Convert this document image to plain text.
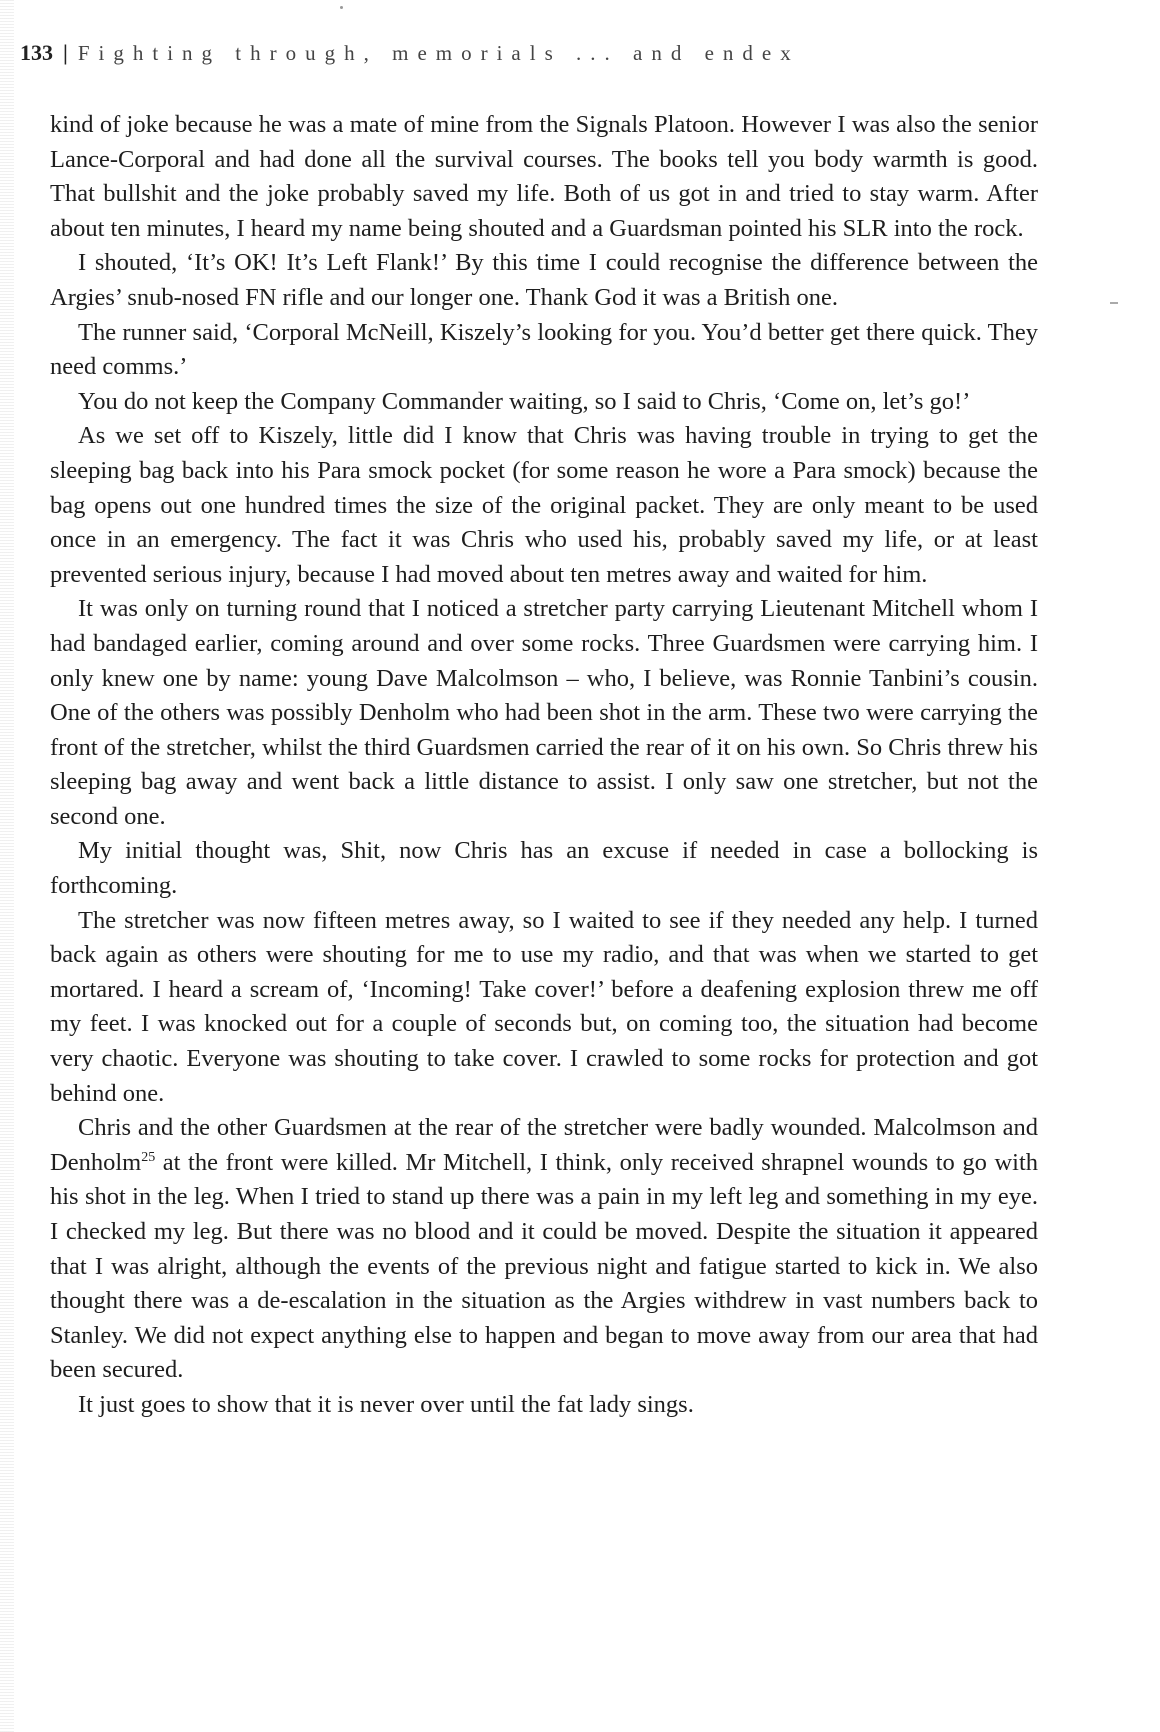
133 | Fighting through, memorials ... and endex

kind of joke because he was a mate of mine from the Signals Platoon. However I was also the senior Lance-Corporal and had done all the survival courses. The books tell you body warmth is good. That bullshit and the joke probably saved my life. Both of us got in and tried to stay warm. After about ten minutes, I heard my name being shouted and a Guardsman pointed his SLR into the rock.

I shouted, ‘It’s OK! It’s Left Flank!’ By this time I could recognise the difference between the Argies’ snub-nosed FN rifle and our longer one. Thank God it was a British one.

The runner said, ‘Corporal McNeill, Kiszely’s looking for you. You’d better get there quick. They need comms.’

You do not keep the Company Commander waiting, so I said to Chris, ‘Come on, let’s go!’

As we set off to Kiszely, little did I know that Chris was having trouble in trying to get the sleeping bag back into his Para smock pocket (for some reason he wore a Para smock) because the bag opens out one hundred times the size of the original packet. They are only meant to be used once in an emergency. The fact it was Chris who used his, probably saved my life, or at least prevented serious injury, because I had moved about ten metres away and waited for him.

It was only on turning round that I noticed a stretcher party carrying Lieutenant Mitchell whom I had bandaged earlier, coming around and over some rocks. Three Guardsmen were carrying him. I only knew one by name: young Dave Malcolmson – who, I believe, was Ronnie Tanbini’s cousin. One of the others was possibly Denholm who had been shot in the arm. These two were carrying the front of the stretcher, whilst the third Guardsmen carried the rear of it on his own. So Chris threw his sleeping bag away and went back a little distance to assist. I only saw one stretcher, but not the second one.

My initial thought was, Shit, now Chris has an excuse if needed in case a bollocking is forthcoming.

The stretcher was now fifteen metres away, so I waited to see if they needed any help. I turned back again as others were shouting for me to use my radio, and that was when we started to get mortared. I heard a scream of, ‘Incoming! Take cover!’ before a deafening explosion threw me off my feet. I was knocked out for a couple of seconds but, on coming too, the situation had become very chaotic. Everyone was shouting to take cover. I crawled to some rocks for protection and got behind one.

Chris and the other Guardsmen at the rear of the stretcher were badly wounded. Malcolmson and Denholm$^{25}$ at the front were killed. Mr Mitchell, I think, only received shrapnel wounds to go with his shot in the leg. When I tried to stand up there was a pain in my left leg and something in my eye. I checked my leg. But there was no blood and it could be moved. Despite the situation it appeared that I was alright, although the events of the previous night and fatigue started to kick in. We also thought there was a de-escalation in the situation as the Argies withdrew in vast numbers back to Stanley. We did not expect anything else to happen and began to move away from our area that had been secured.

It just goes to show that it is never over until the fat lady sings.
